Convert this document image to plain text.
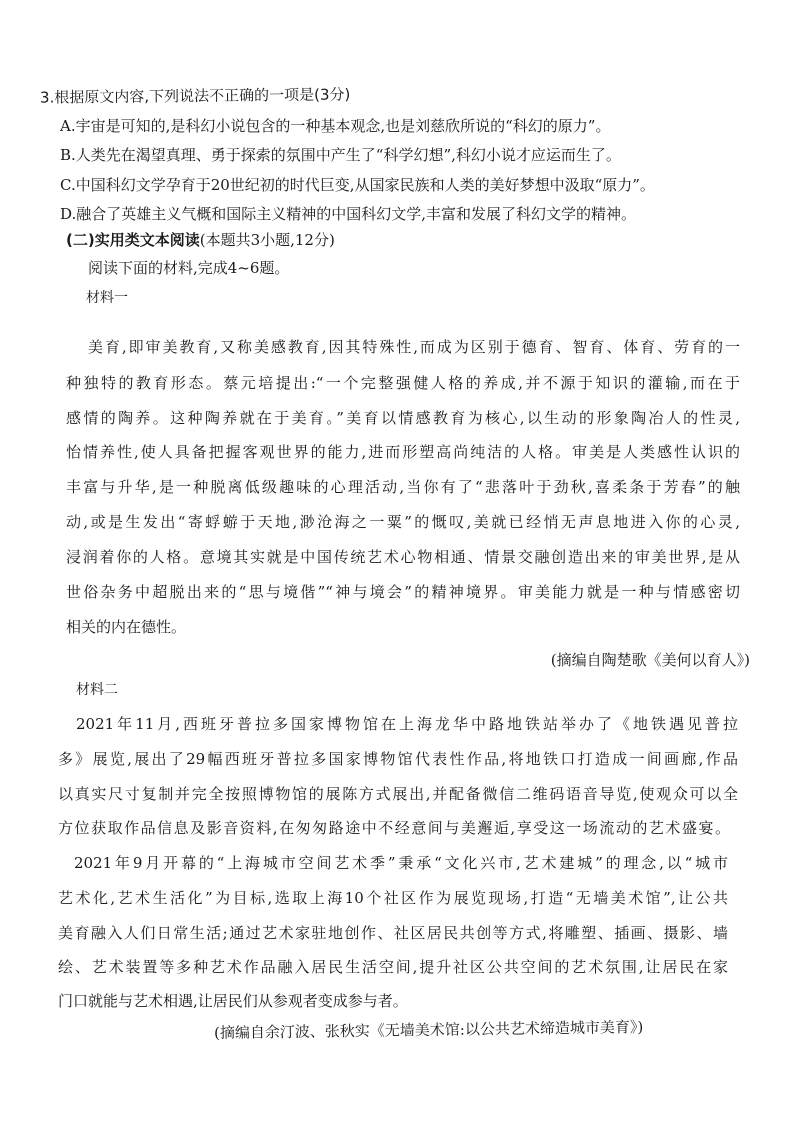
3.根据原文内容,下列说法不正确的一项是(3分)
A.宇宙是可知的,是科幻小说包含的一种基本观念,也是刘慈欣所说的“科幻的原力”。
B.人类先在渴望真理、勇于探索的氛围中产生了“科学幻想”,科幻小说才应运而生了。
C.中国科幻文学孕育于20世纪初的时代巨变,从国家民族和人类的美好梦想中汲取“原力”。
D.融合了英雄主义气概和国际主义精神的中国科幻文学,丰富和发展了科幻文学的精神。
(二)实用类文本阅读(本题共3小题,12分)
阅读下面的材料,完成4~6题。
材料一
美育,即审美教育,又称美感教育,因其特殊性,而成为区别于德育、智育、体育、劳育的一
种独特的教育形态。蔡元培提出:“一个完整强健人格的养成,并不源于知识的灌输,而在于
感情的陶养。这种陶养就在于美育。”美育以情感教育为核心,以生动的形象陶冶人的性灵,
怡情养性,使人具备把握客观世界的能力,进而形塑高尚纯洁的人格。审美是人类感性认识的
丰富与升华,是一种脱离低级趣味的心理活动,当你有了“悲落叶于劲秋,喜柔条于芳春”的触
动,或是生发出“寄蜉蝣于天地,渺沧海之一粟”的慨叹,美就已经悄无声息地进入你的心灵,
浸润着你的人格。意境其实就是中国传统艺术心物相通、情景交融创造出来的审美世界,是从
世俗杂务中超脱出来的“思与境偕”“神与境会”的精神境界。审美能力就是一种与情感密切
相关的内在德性。
(摘编自陶楚歌《美何以育人》)
材料二
2021年11月,西班牙普拉多国家博物馆在上海龙华中路地铁站举办了《地铁遇见普拉
多》展览,展出了29幅西班牙普拉多国家博物馆代表性作品,将地铁口打造成一间画廊,作品
以真实尺寸复制并完全按照博物馆的展陈方式展出,并配备微信二维码语音导览,使观众可以全
方位获取作品信息及影音资料,在匆匆路途中不经意间与美邂逅,享受这一场流动的艺术盛宴。
2021年9月开幕的“上海城市空间艺术季”秉承“文化兴市,艺术建城”的理念,以“城市
艺术化,艺术生活化”为目标,选取上海10个社区作为展览现场,打造“无墙美术馆”,让公共
美育融入人们日常生活;通过艺术家驻地创作、社区居民共创等方式,将雕塑、插画、摄影、墙
绘、艺术装置等多种艺术作品融入居民生活空间,提升社区公共空间的艺术氛围,让居民在家
门口就能与艺术相遇,让居民们从参观者变成参与者。
(摘编自余汀波、张秋实《无墙美术馆:以公共艺术缔造城市美育》)
